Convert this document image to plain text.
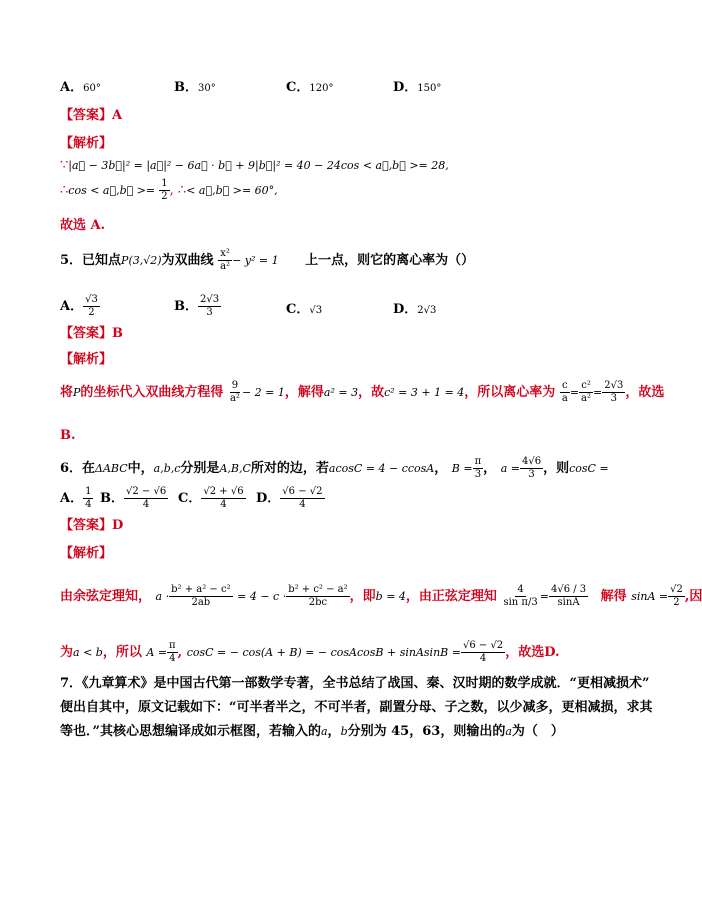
A．60°	B．30°	C．120°	D．150°
【答案】A
【解析】
∵|a⃗ − 3b⃗|² = |a⃗|² − 6a⃗ · b⃗ + 9|b⃗|² = 40 − 24cos < a⃗,b⃗ >= 28,
∴cos < a⃗,b⃗ >= $\frac{1}{2}$ , ∴< a⃗,b⃗ >= 60°,
故选 A.
5．已知点P(3,√2)为双曲线 $\frac{\text{x²}}{\text{a²}} - y^2 = 1$ 上一点，则它的离心率为（）
A． $\frac{√3}{2}$	B． $\frac{2√3}{3}$	C．√3	D．2√3
【答案】B
【解析】
将P的坐标代入双曲线方程得 $\frac{9}{\text{a²}} - 2 = 1$，解得a² = 3，故c² = 3 + 1 = 4，所以离心率为 $\frac{c}{a} = \frac{\text{c²}}{\text{a²}} = \frac{2√3}{3}$ ，故选
B.
6．在ΔABC中，a,b,c分别是A,B,C所对的边，若acosC = 4 − ccosA， $B = \frac{\pi}{3}$ ， $a = \frac{4√6}{3}$ ，则cosC =
A． $\frac{1}{4}$ B． $\frac{√2 - √6}{4}$ C． $\frac{√2 + √6}{4}$ D． $\frac{√6 - √2}{4}$
【答案】D
【解析】
由余弦定理知， $a \cdot \frac{\text{b² + a² − c²}}{2ab} = 4 - c \cdot \frac{\text{b² + c² − a²}}{2bc}$ ，即b = 4，由正弦定理知 $\frac{4}{\text{sin π/3}} = \frac{4√6 / 3}{\sin A}$ 解得 $\sin A = \frac{√2}{2}$ ,因
为a < b，所以 $A = \frac{\pi}{4}$ , cosC = − cos(A + B) = − cosAcosB + sinAsinB = $\frac{√6 - √2}{4}$ ，故选D.
7．《九章算术》是中国古代第一部数学专著，全书总结了战国、秦、汉时期的数学成就．“更相减损术”
便出自其中，原文记载如下：“可半者半之，不可半者，副置分母、子之数，以少减多，更相减损，求其
等也．”其核心思想编译成如示框图，若输入的a，b分别为 45，63，则输出的a为（　）
